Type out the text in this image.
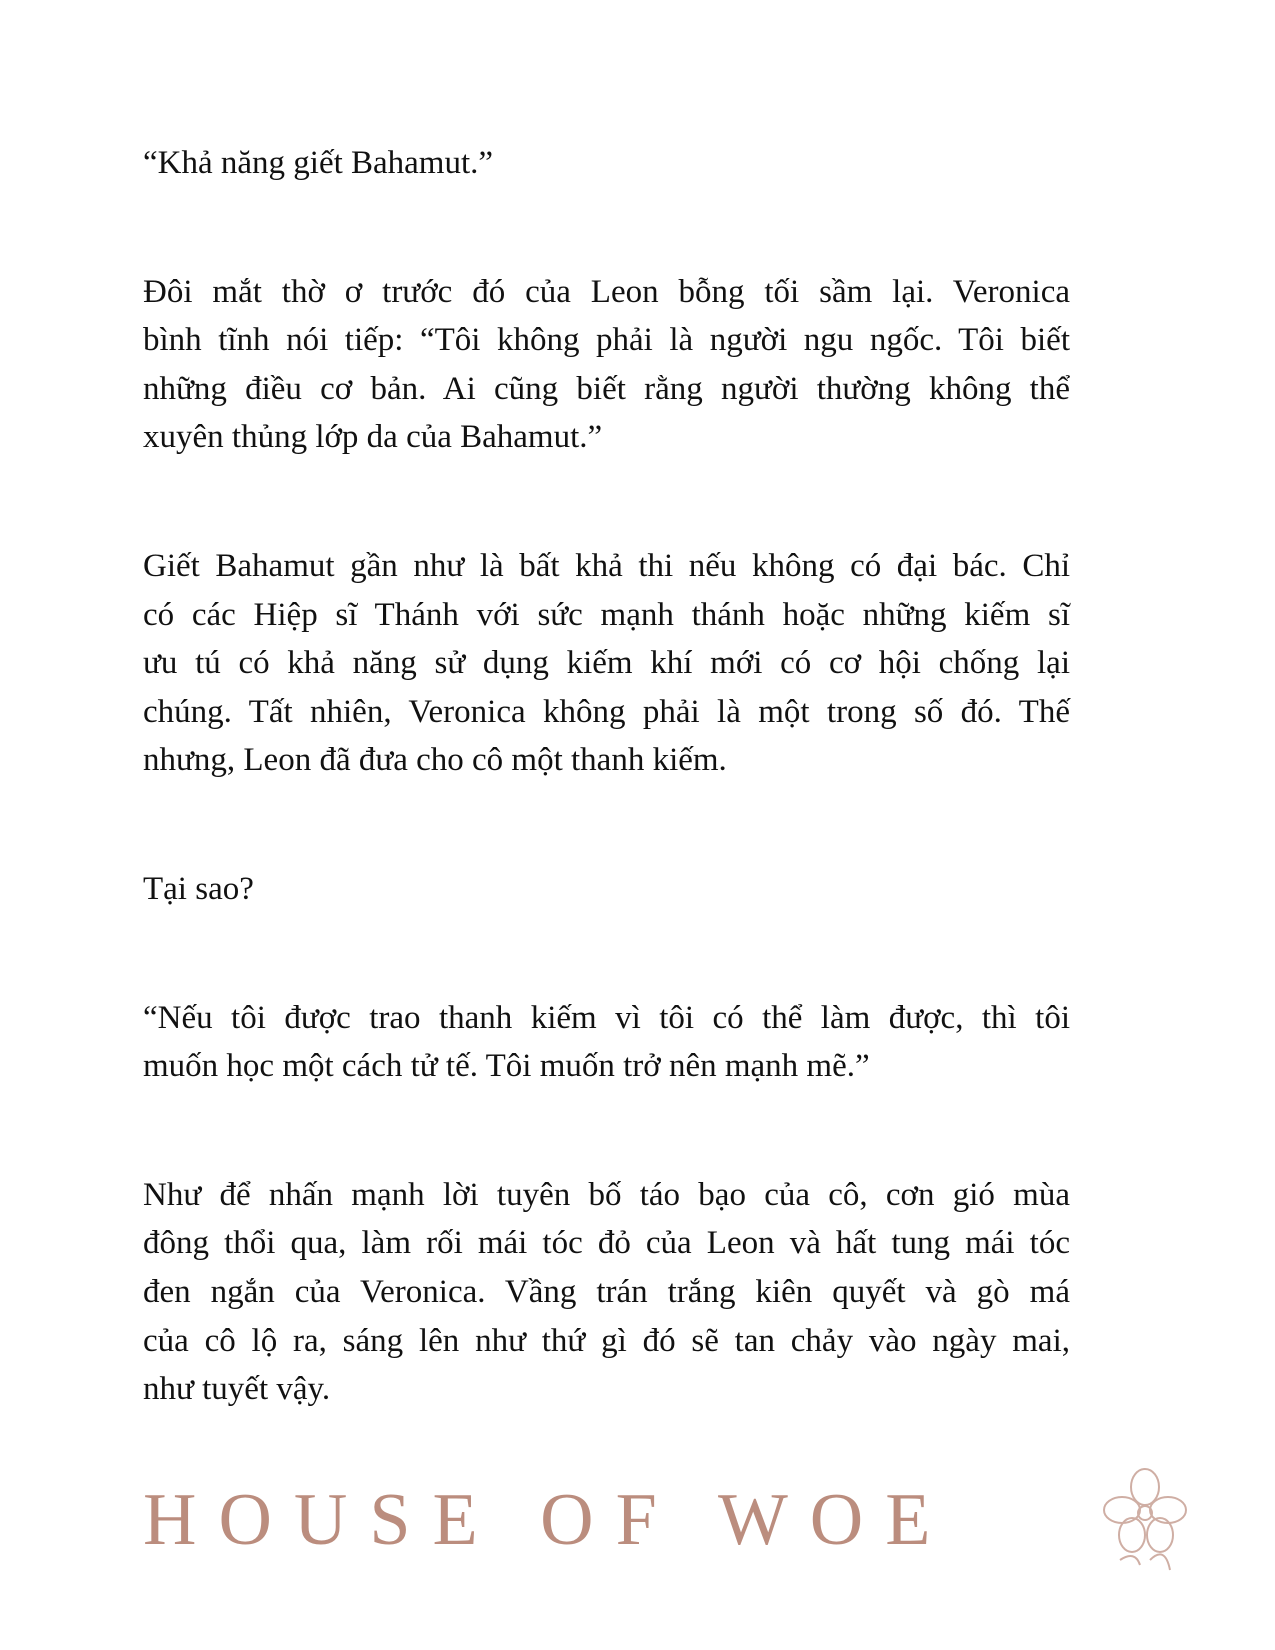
“Khả năng giết Bahamut.”

Đôi mắt thờ ơ trước đó của Leon bỗng tối sầm lại. Veronica
bình tĩnh nói tiếp: “Tôi không phải là người ngu ngốc. Tôi biết
những điều cơ bản. Ai cũng biết rằng người thường không thể
xuyên thủng lớp da của Bahamut.”

Giết Bahamut gần như là bất khả thi nếu không có đại bác. Chỉ
có các Hiệp sĩ Thánh với sức mạnh thánh hoặc những kiếm sĩ
ưu tú có khả năng sử dụng kiếm khí mới có cơ hội chống lại
chúng. Tất nhiên, Veronica không phải là một trong số đó. Thế
nhưng, Leon đã đưa cho cô một thanh kiếm.

Tại sao?

“Nếu tôi được trao thanh kiếm vì tôi có thể làm được, thì tôi
muốn học một cách tử tế. Tôi muốn trở nên mạnh mẽ.”

Như để nhấn mạnh lời tuyên bố táo bạo của cô, cơn gió mùa
đông thổi qua, làm rối mái tóc đỏ của Leon và hất tung mái tóc
đen ngắn của Veronica. Vầng trán trắng kiên quyết và gò má
của cô lộ ra, sáng lên như thứ gì đó sẽ tan chảy vào ngày mai,
như tuyết vậy.

HOUSE OF WOE
